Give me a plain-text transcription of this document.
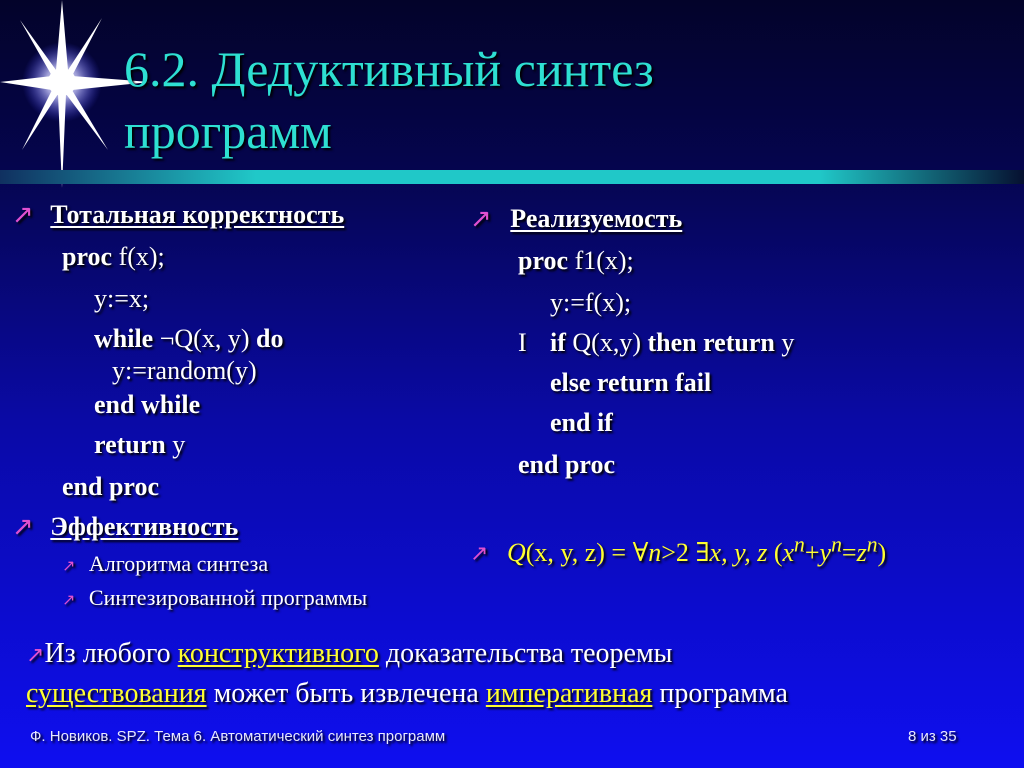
6.2. Дедуктивный синтез
программ
↗ Тотальная корректность
proc f(x);
y:=x;
while ¬Q(x, y) do
y:=random(y)
end while
return y
end proc
↗ Эффективность
↗ Алгоритма синтеза
↗ Синтезированной программы
↗ Реализуемость
proc f1(x);
y:=f(x);
I if Q(x,y) then return y
else return fail
end if
end proc
↗ Q(x, y, z) = ∀n>2 ∃x, y, z $(x^n+y^n=z^n)$
↗Из любого конструктивного доказательства теоремы
существования может быть извлечена императивная программа
Ф. Новиков. SPZ. Тема 6. Автоматический синтез программ	8 из 35
